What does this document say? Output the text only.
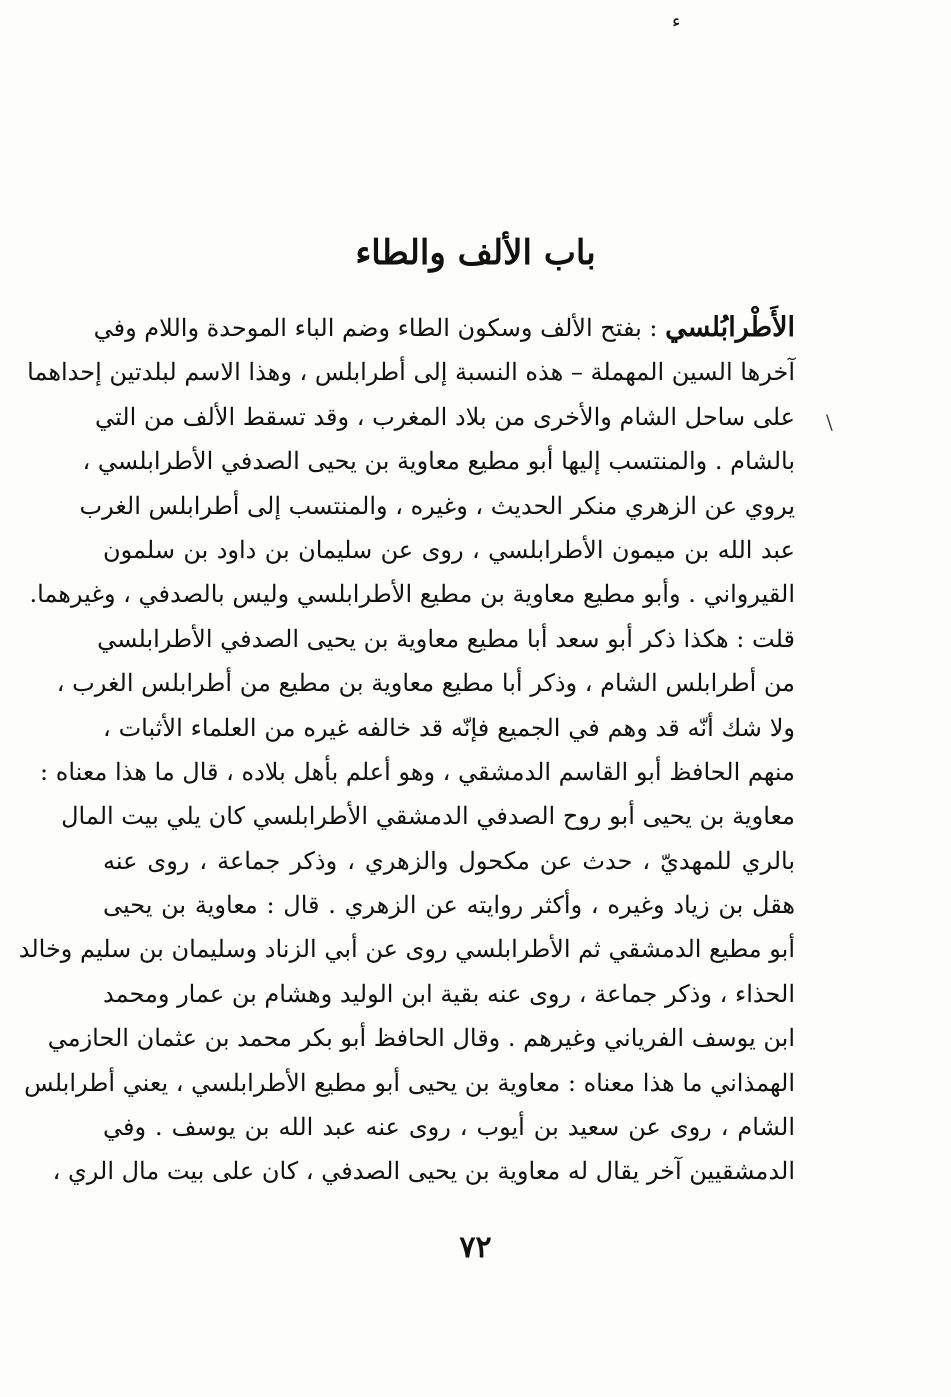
ء
\
باب الألف والطاء
الأَطْرابُلسي : بفتح الألف وسكون الطاء وضم الباء الموحدة واللام وفي
آخرها السين المهملة – هذه النسبة إلى أطرابلس ، وهذا الاسم لبلدتين إحداهما
على ساحل الشام والأخرى من بلاد المغرب ، وقد تسقط الألف من التي
بالشام . والمنتسب إليها أبو مطيع معاوية بن يحيى الصدفي الأطرابلسي ،
يروي عن الزهري منكر الحديث ، وغيره ، والمنتسب إلى أطرابلس الغرب
عبد الله بن ميمون الأطرابلسي ، روى عن سليمان بن داود بن سلمون
القيرواني . وأبو مطيع معاوية بن مطيع الأطرابلسي وليس بالصدفي ، وغيرهما.
قلت : هكذا ذكر أبو سعد أبا مطيع معاوية بن يحيى الصدفي الأطرابلسي
من أطرابلس الشام ، وذكر أبا مطيع معاوية بن مطيع من أطرابلس الغرب ،
ولا شك أنّه قد وهم في الجميع فإنّه قد خالفه غيره من العلماء الأثبات ،
منهم الحافظ أبو القاسم الدمشقي ، وهو أعلم بأهل بلاده ، قال ما هذا معناه :
معاوية بن يحيى أبو روح الصدفي الدمشقي الأطرابلسي كان يلي بيت المال
بالري للمهديّ ، حدث عن مكحول والزهري ، وذكر جماعة ، روى عنه
هقل بن زياد وغيره ، وأكثر روايته عن الزهري . قال : معاوية بن يحيى
أبو مطيع الدمشقي ثم الأطرابلسي روى عن أبي الزناد وسليمان بن سليم وخالد
الحذاء ، وذكر جماعة ، روى عنه بقية ابن الوليد وهشام بن عمار ومحمد
ابن يوسف الفرياني وغيرهم . وقال الحافظ أبو بكر محمد بن عثمان الحازمي
الهمذاني ما هذا معناه : معاوية بن يحيى أبو مطيع الأطرابلسي ، يعني أطرابلس
الشام ، روى عن سعيد بن أيوب ، روى عنه عبد الله بن يوسف . وفي
الدمشقيين آخر يقال له معاوية بن يحيى الصدفي ، كان على بيت مال الري ،
٧٢
